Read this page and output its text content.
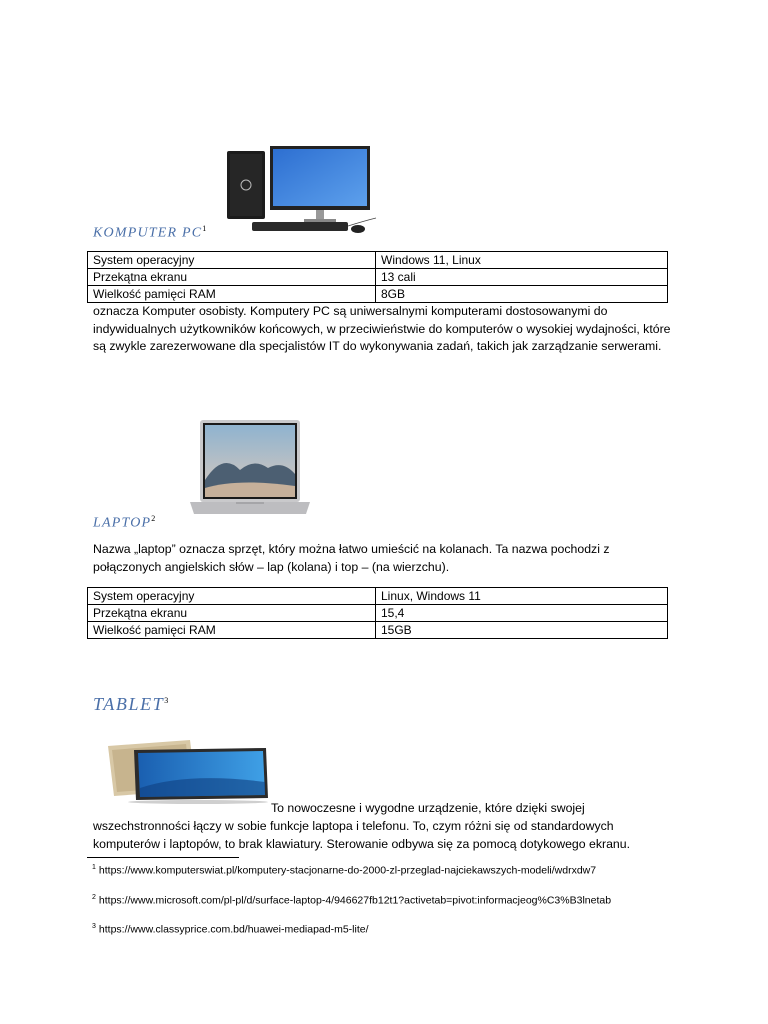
KOMPUTER $PC^1$
System operacyjny	Windows 11, Linux
Przekątna ekranu	13 cali
Wielkość pamięci RAM	8GB
oznacza Komputer osobisty. Komputery PC są uniwersalnymi komputerami dostosowanymi do indywidualnych użytkowników końcowych, w przeciwieństwie do komputerów o wysokiej wydajności, które są zwykle zarezerwowane dla specjalistów IT do wykonywania zadań, takich jak zarządzanie serwerami.
LAPTOP$^2$
Nazwa „laptop” oznacza sprzęt, który można łatwo umieścić na kolanach. Ta nazwa pochodzi z połączonych angielskich słów – lap (kolana) i top – (na wierzchu).
System operacyjny	Linux, Windows 11
Przekątna ekranu	15,4
Wielkość pamięci RAM	15GB
TABLET$^3$
To nowoczesne i wygodne urządzenie, które dzięki swojej
wszechstronności łączy w sobie funkcje laptopa i telefonu. To, czym różni się od standardowych komputerów i laptopów, to brak klawiatury. Sterowanie odbywa się za pomocą dotykowego ekranu.
$^1$ https://www.komputerswiat.pl/komputery-stacjonarne-do-2000-zl-przeglad-najciekawszych-modeli/wdrxdw7
$^2$ https://www.microsoft.com/pl-pl/d/surface-laptop-4/946627fb12t1?activetab=pivot:informacjeog%C3%B3lnetab
$^3$ https://www.classyprice.com.bd/huawei-mediapad-m5-lite/
